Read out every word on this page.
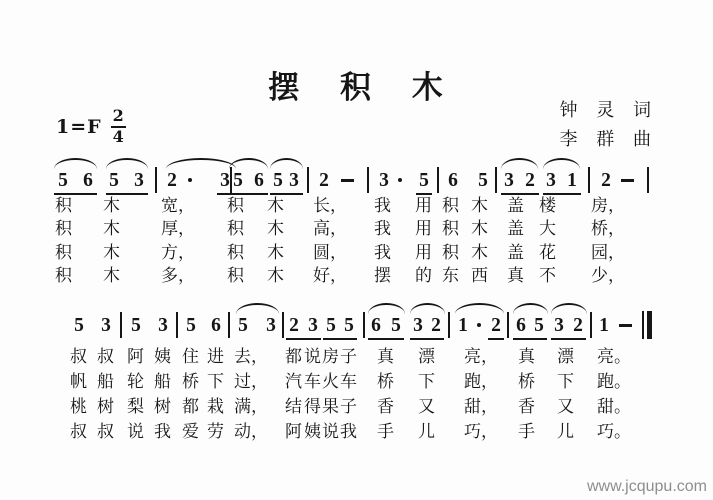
摆 积 木
钟 灵 词
李 群 曲
$1=F \frac{2}{4}$
5 6 5 3 2 3 5 6 5 3 2	3 5 6 5 3 2 3 1 2
积 木 宽， 积 木 长， 我 用 积 木 盖 楼 房，
积 木 厚， 积 木 高， 我 用 积 木 盖 大 桥，
积 木 方， 积 木 圆， 我 用 积 木 盖 花 园，
积 木 多， 积 木 好， 摆 的 东 西 真 不 少，
5 3 5 3 5 6 5 3 2 3 5 5 6 5 3 2 1 2 6 5 3 2 1
叔 叔 阿 姨 住 进 去， 都 说 房 子 真 漂 亮， 真 漂 亮。
帆 船 轮 船 桥 下 过， 汽 车 火 车 桥 下 跑， 桥 下 跑。
桃 树 梨 树 都 栽 满， 结 得 果 子 香 又 甜， 香 又 甜。
叔 叔 说 我 爱 劳 动， 阿 姨 说 我 手 儿 巧， 手 儿 巧。
www.jcqupu.com
